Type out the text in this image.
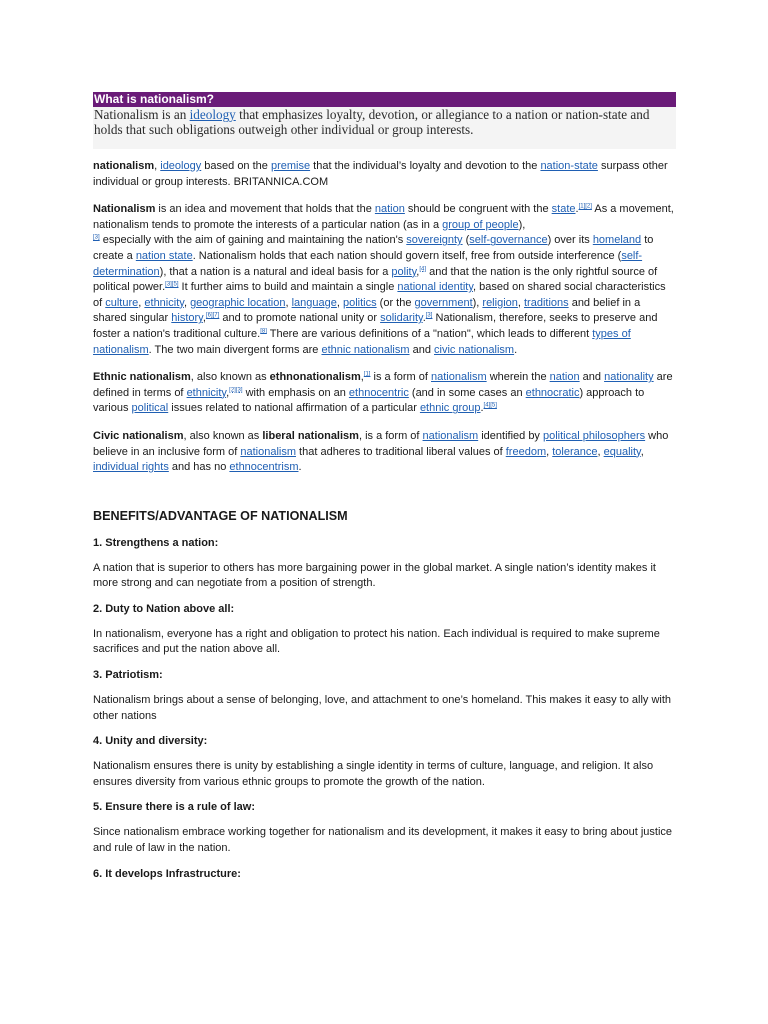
What is nationalism?
Nationalism is an ideology that emphasizes loyalty, devotion, or allegiance to a nation or nation-state and holds that such obligations outweigh other individual or group interests.

nationalism, ideology based on the premise that the individual’s loyalty and devotion to the nation-state surpass other individual or group interests. BRITANNICA.COM

Nationalism is an idea and movement that holds that the nation should be congruent with the state.[1][2] As a movement, nationalism tends to promote the interests of a particular nation (as in a group of people),
[3] especially with the aim of gaining and maintaining the nation's sovereignty (self-governance) over its homeland to create a nation state. Nationalism holds that each nation should govern itself, free from outside interference (self-determination), that a nation is a natural and ideal basis for a polity,[4] and that the nation is the only rightful source of political power.[3][5] It further aims to build and maintain a single national identity, based on shared social characteristics of culture, ethnicity, geographic location, language, politics (or the government), religion, traditions and belief in a shared singular history,[6][7] and to promote national unity or solidarity.[3] Nationalism, therefore, seeks to preserve and foster a nation's traditional culture.[8] There are various definitions of a "nation", which leads to different types of nationalism. The two main divergent forms are ethnic nationalism and civic nationalism.

Ethnic nationalism, also known as ethnonationalism,[1] is a form of nationalism wherein the nation and nationality are defined in terms of ethnicity,[2][3] with emphasis on an ethnocentric (and in some cases an ethnocratic) approach to various political issues related to national affirmation of a particular ethnic group.[4][5]

Civic nationalism, also known as liberal nationalism, is a form of nationalism identified by political philosophers who believe in an inclusive form of nationalism that adheres to traditional liberal values of freedom, tolerance, equality, individual rights and has no ethnocentrism.

BENEFITS/ADVANTAGE OF NATIONALISM
1. Strengthens a nation:
A nation that is superior to others has more bargaining power in the global market. A single nation’s identity makes it more strong and can negotiate from a position of strength.
2. Duty to Nation above all:
In nationalism, everyone has a right and obligation to protect his nation. Each individual is required to make supreme sacrifices and put the nation above all.
3. Patriotism:
Nationalism brings about a sense of belonging, love, and attachment to one’s homeland. This makes it easy to ally with other nations
4. Unity and diversity:
Nationalism ensures there is unity by establishing a single identity in terms of culture, language, and religion. It also ensures diversity from various ethnic groups to promote the growth of the nation.
5. Ensure there is a rule of law:
Since nationalism embrace working together for nationalism and its development, it makes it easy to bring about justice and rule of law in the nation.
6. It develops Infrastructure:
